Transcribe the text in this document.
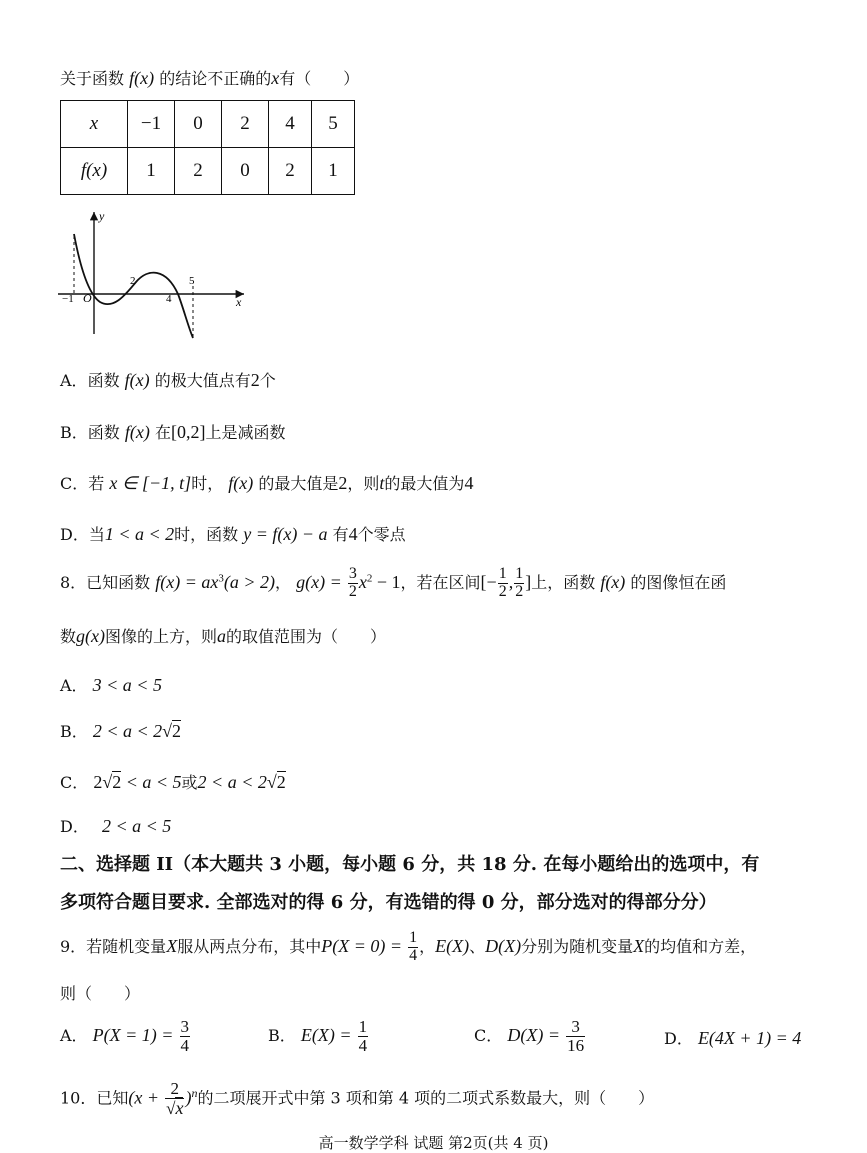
关于函数 f(x) 的结论不正确的x有（　　）
x	−1	0	2	4	5
f(x)	1	2	0	2	1
y
x
O
−1
2
4
5
A．函数 f(x) 的极大值点有2个
B．函数 f(x) 在[0,2]上是减函数
C．若 x ∈ [−1, t]时， f(x) 的最大值是2，则t的最大值为4
D．当1 < a < 2时，函数 y = f(x) − a 有4个零点
8．已知函数 $f(x) = ax^3(a > 2)$， $g(x) = \frac{3}{2} x^2 - 1$，若在区间[− $\frac{1}{2}$ , $\frac{1}{2}$ ]上，函数 f(x) 的图像恒在函
数g(x)图像的上方，则a的取值范围为（　　）
A． 3 < a < 5
B． 2 < a < 2√2
C． 2√2 < a < 5或2 < a < 2√2
D． 2 < a < 5
二、选择题 II（本大题共 3 小题，每小题 6 分，共 18 分. 在每小题给出的选项中，有
多项符合题目要求. 全部选对的得 6 分，有选错的得 0 分，部分选对的得部分分）
9．若随机变量X服从两点分布，其中$P(X = 0) = \frac{1}{4}$ ，E(X)、D(X)分别为随机变量X的均值和方差，
则（　　）
A． $P(X = 1) = \frac{3}{4}$	B． $E(X) = \frac{1}{4}$	C． $D(X) = \frac{3}{16}$	D． E(4X + 1) = 4
10．已知$(x + \frac{2}{√x} )^n$的二项展开式中第 3 项和第 4 项的二项式系数最大，则（　　）
高一数学学科 试题 第2页(共 4 页)
